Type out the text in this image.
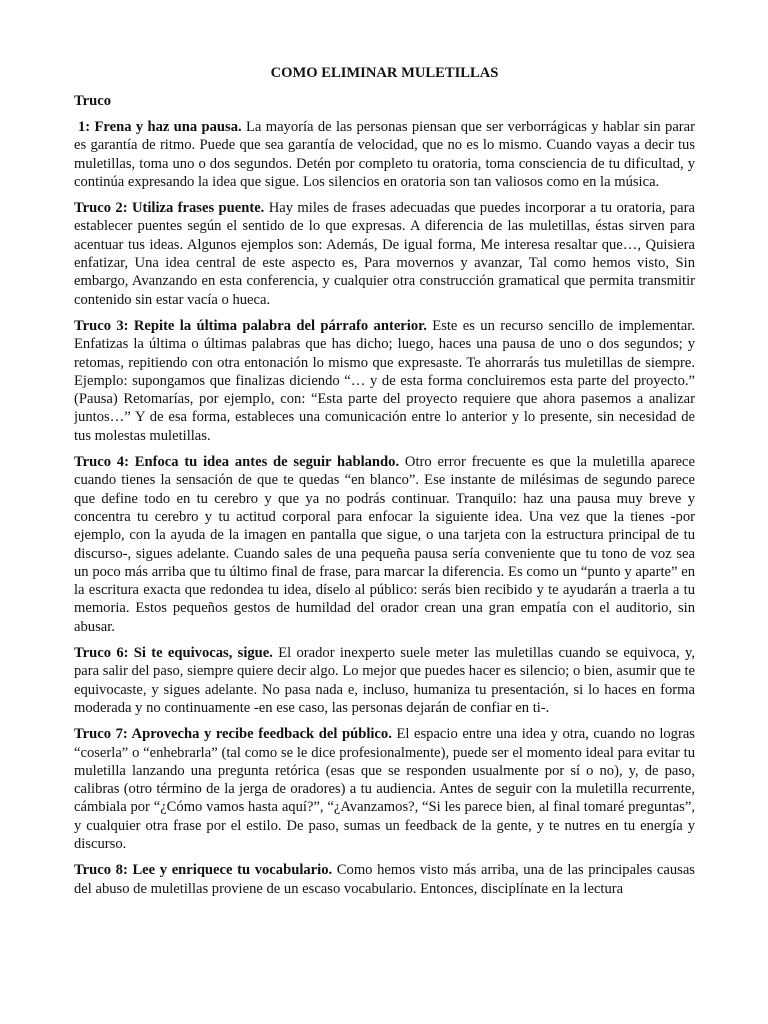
COMO ELIMINAR MULETILLAS
Truco

1: Frena y haz una pausa. La mayoría de las personas piensan que ser verborrágicas y hablar sin parar es garantía de ritmo. Puede que sea garantía de velocidad, que no es lo mismo. Cuando vayas a decir tus muletillas, toma uno o dos segundos. Detén por completo tu oratoria, toma consciencia de tu dificultad, y continúa expresando la idea que sigue. Los silencios en oratoria son tan valiosos como en la música.

Truco 2: Utiliza frases puente. Hay miles de frases adecuadas que puedes incorporar a tu oratoria, para establecer puentes según el sentido de lo que expresas. A diferencia de las muletillas, éstas sirven para acentuar tus ideas. Algunos ejemplos son: Además, De igual forma, Me interesa resaltar que…, Quisiera enfatizar, Una idea central de este aspecto es, Para movernos y avanzar, Tal como hemos visto, Sin embargo, Avanzando en esta conferencia, y cualquier otra construcción gramatical que permita transmitir contenido sin estar vacía o hueca.

Truco 3: Repite la última palabra del párrafo anterior. Este es un recurso sencillo de implementar. Enfatizas la última o últimas palabras que has dicho; luego, haces una pausa de uno o dos segundos; y retomas, repitiendo con otra entonación lo mismo que expresaste. Te ahorrarás tus muletillas de siempre. Ejemplo: supongamos que finalizas diciendo “… y de esta forma concluiremos esta parte del proyecto.” (Pausa) Retomarías, por ejemplo, con: “Esta parte del proyecto requiere que ahora pasemos a analizar juntos…” Y de esa forma, estableces una comunicación entre lo anterior y lo presente, sin necesidad de tus molestas muletillas.

Truco 4: Enfoca tu idea antes de seguir hablando. Otro error frecuente es que la muletilla aparece cuando tienes la sensación de que te quedas “en blanco”. Ese instante de milésimas de segundo parece que define todo en tu cerebro y que ya no podrás continuar. Tranquilo: haz una pausa muy breve y concentra tu cerebro y tu actitud corporal para enfocar la siguiente idea. Una vez que la tienes -por ejemplo, con la ayuda de la imagen en pantalla que sigue, o una tarjeta con la estructura principal de tu discurso-, sigues adelante. Cuando sales de una pequeña pausa sería conveniente que tu tono de voz sea un poco más arriba que tu último final de frase, para marcar la diferencia. Es como un “punto y aparte” en la escritura exacta que redondea tu idea, díselo al público: serás bien recibido y te ayudarán a traerla a tu memoria. Estos pequeños gestos de humildad del orador crean una gran empatía con el auditorio, sin abusar.

Truco 6: Si te equivocas, sigue. El orador inexperto suele meter las muletillas cuando se equivoca, y, para salir del paso, siempre quiere decir algo. Lo mejor que puedes hacer es silencio; o bien, asumir que te equivocaste, y sigues adelante. No pasa nada e, incluso, humaniza tu presentación, si lo haces en forma moderada y no continuamente -en ese caso, las personas dejarán de confiar en ti-.

Truco 7: Aprovecha y recibe feedback del público. El espacio entre una idea y otra, cuando no logras “coserla” o “enhebrarla” (tal como se le dice profesionalmente), puede ser el momento ideal para evitar tu muletilla lanzando una pregunta retórica (esas que se responden usualmente por sí o no), y, de paso, calibras (otro término de la jerga de oradores) a tu audiencia. Antes de seguir con la muletilla recurrente, cámbiala por “¿Cómo vamos hasta aquí?”, “¿Avanzamos?, “Si les parece bien, al final tomaré preguntas”, y cualquier otra frase por el estilo. De paso, sumas un feedback de la gente, y te nutres en tu energía y discurso.

Truco 8: Lee y enriquece tu vocabulario. Como hemos visto más arriba, una de las principales causas del abuso de muletillas proviene de un escaso vocabulario. Entonces, disciplínate en la lectura
